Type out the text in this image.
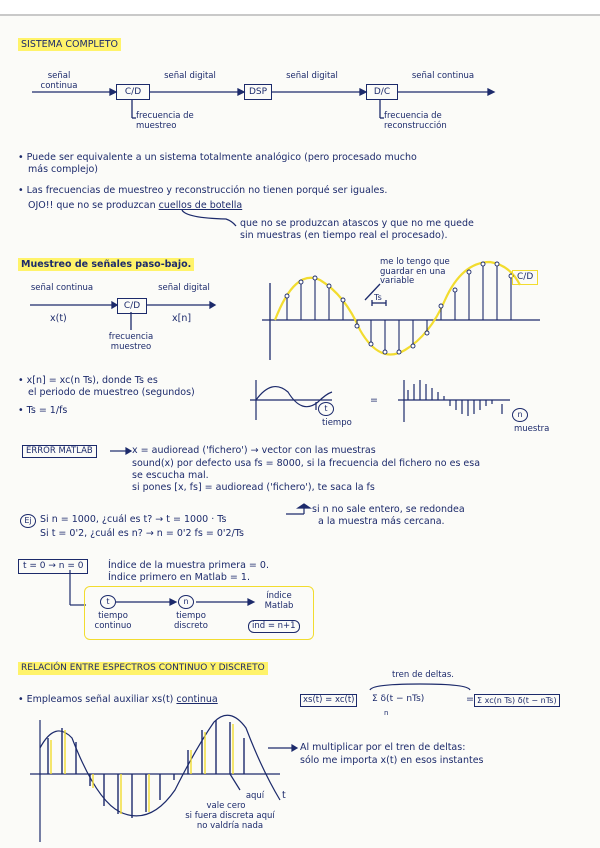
SISTEMA COMPLETO
señal continua
C/D
señal digital
DSP
señal digital
D/C
señal continua
frecuencia de muestreo
frecuencia de reconstrucción
• Puede ser equivalente a un sistema totalmente analógico (pero procesado mucho
más complejo)
• Las frecuencias de muestreo y reconstrucción no tienen porqué ser iguales.
OJO!! que no se produzcan cuellos de botella
que no se produzcan atascos y que no me quede
sin muestras (en tiempo real el procesado).
Muestreo de señales paso-bajo.
señal continua
x(t)
C/D
señal digital
x[n]
frecuencia muestreo
me lo tengo que guardar en una variable
Ts
C/D
• x[n] = xc(n Ts), donde Ts es
el periodo de muestreo (segundos)
• Ts = 1/fs	t
tiempo
=
n
muestra
ERROR MATLAB	x = audioread ('fichero') → vector con las muestras
sound(x) por defecto usa fs = 8000, si la frecuencia del fichero no es esa
se escucha mal.
si pones [x, fs] = audioread ('fichero'), te saca la fs
Ej Si n = 1000, ¿cuál es t? → t = 1000 · Ts
Si t = 0'2, ¿cuál es n? → n = 0'2 fs = 0'2/Ts
si n no sale entero, se redondea
a la muestra más cercana.
t = 0 → n = 0	Índice de la muestra primera = 0.
Índice primero en Matlab = 1.
t	n
tiempo continuo
tiempo discreto
índice Matlab
ind = n+1
RELACIÓN ENTRE ESPECTROS CONTINUO Y DISCRETO
tren de deltas.
• Empleamos señal auxiliar xs(t) continua	xs(t) = xc(t)	Σ δ(t − nTs)
n
= Σ xc(n Ts) δ(t − nTs)
Al multiplicar por el tren de deltas:
sólo me importa x(t) en esos instantes
t
aquí
vale cero
si fuera discreta aquí
no valdría nada
